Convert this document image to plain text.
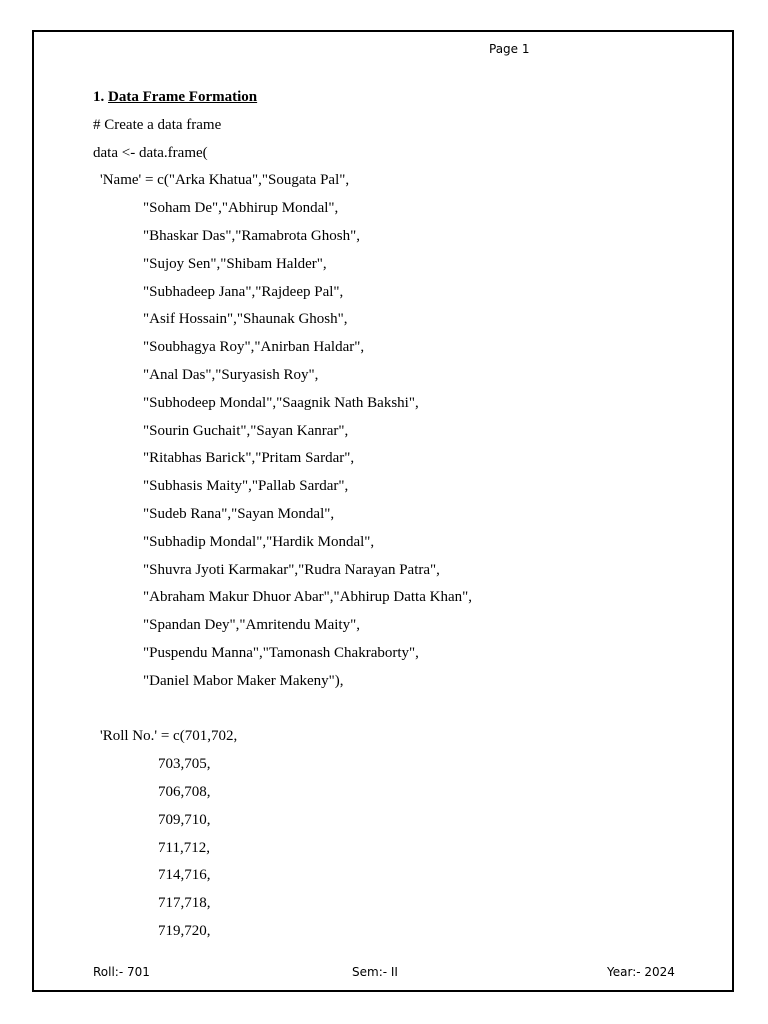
Page 1
1. Data Frame Formation
# Create a data frame
data <- data.frame(
'Name' = c("Arka Khatua","Sougata Pal",
"Soham De","Abhirup Mondal",
"Bhaskar Das","Ramabrota Ghosh",
"Sujoy Sen","Shibam Halder",
"Subhadeep Jana","Rajdeep Pal",
"Asif Hossain","Shaunak Ghosh",
"Soubhagya Roy","Anirban Haldar",
"Anal Das","Suryasish Roy",
"Subhodeep Mondal","Saagnik Nath Bakshi",
"Sourin Guchait","Sayan Kanrar",
"Ritabhas Barick","Pritam Sardar",
"Subhasis Maity","Pallab Sardar",
"Sudeb Rana","Sayan Mondal",
"Subhadip Mondal","Hardik Mondal",
"Shuvra Jyoti Karmakar","Rudra Narayan Patra",
"Abraham Makur Dhuor Abar","Abhirup Datta Khan",
"Spandan Dey","Amritendu Maity",
"Puspendu Manna","Tamonash Chakraborty",
"Daniel Mabor Maker Makeny"),
'Roll No.' = c(701,702,
703,705,
706,708,
709,710,
711,712,
714,716,
717,718,
719,720,
Roll:- 701	Sem:- II	Year:- 2024
